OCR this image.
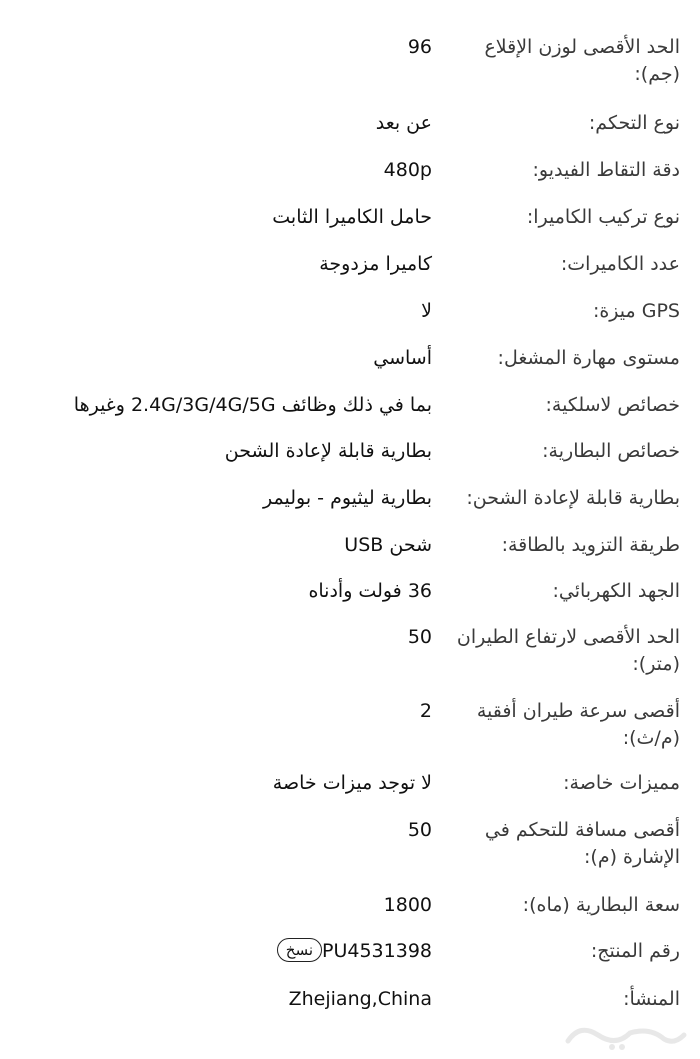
الحد الأقصى لوزن الإقلاع (جم):
96
نوع التحكم:
عن بعد
دقة التقاط الفيديو:
480p
نوع تركيب الكاميرا:
حامل الكاميرا الثابت
عدد الكاميرات:
كاميرا مزدوجة
GPS ميزة:
لا
مستوى مهارة المشغل:
أساسي
خصائص لاسلكية:
بما في ذلك وظائف 2.4G/3G/4G/5G وغيرها
خصائص البطارية:
بطارية قابلة لإعادة الشحن
بطارية قابلة لإعادة الشحن:
بطارية ليثيوم - بوليمر
طريقة التزويد بالطاقة:
شحن USB
الجهد الكهربائي:
36 فولت وأدناه
الحد الأقصى لارتفاع الطيران (متر):
50
أقصى سرعة طيران أفقية (م/ث):
2
مميزات خاصة:
لا توجد ميزات خاصة
أقصى مسافة للتحكم في الإشارة (م):
50
سعة البطارية (ماه):
1800
رقم المنتج:
PU4531398نسخ
المنشأ:
Zhejiang,China
